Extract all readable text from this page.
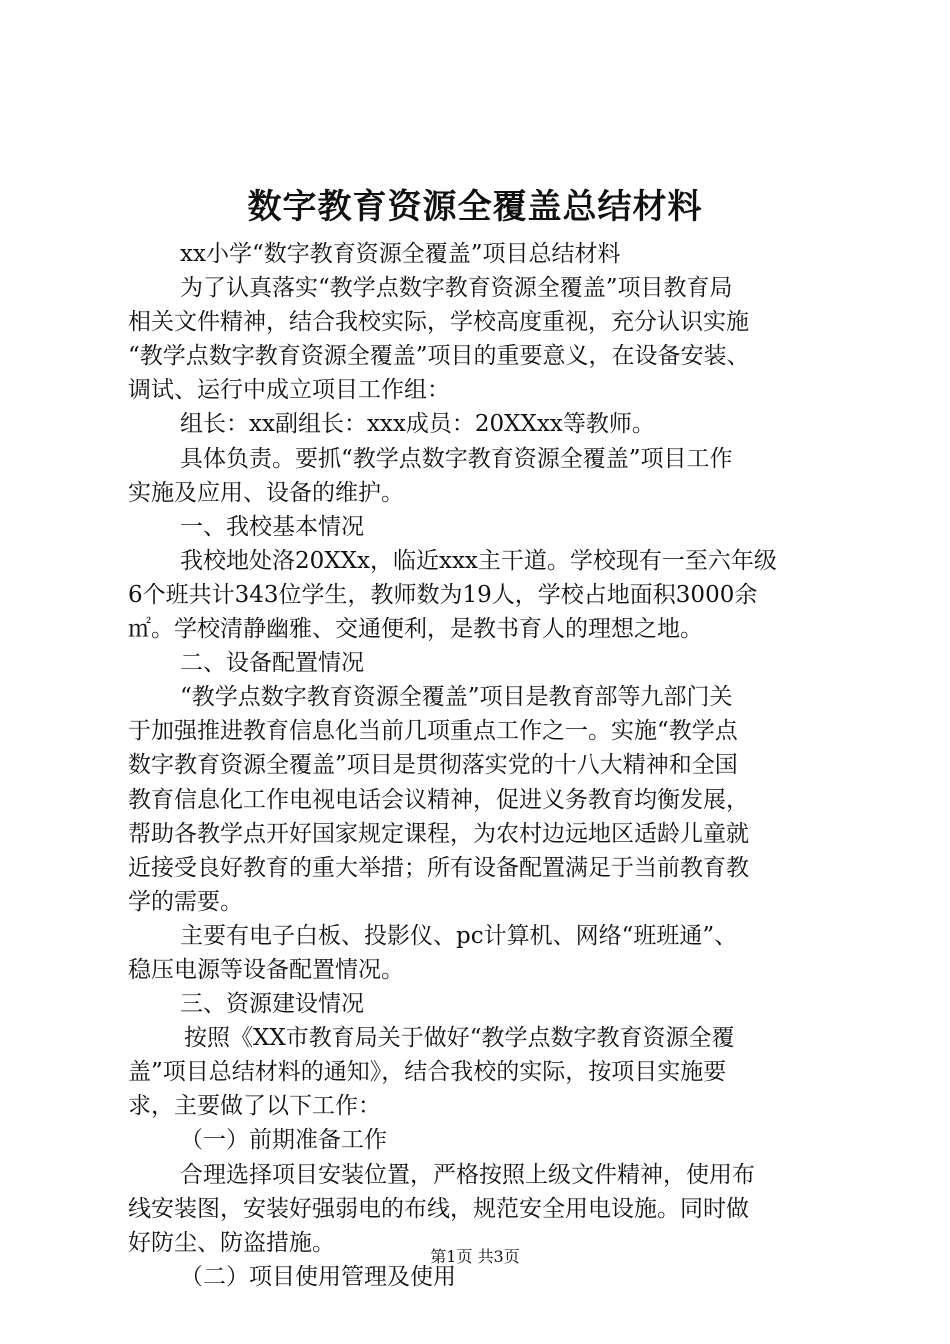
数字教育资源全覆盖总结材料
xx小学“数字教育资源全覆盖”项目总结材料
为了认真落实“教学点数字教育资源全覆盖”项目教育局
相关文件精神，结合我校实际，学校高度重视，充分认识实施
“教学点数字教育资源全覆盖”项目的重要意义，在设备安装、
调试、运行中成立项目工作组：
组长：xx副组长：xxx成员：20XXxx等教师。
具体负责。要抓“教学点数字教育资源全覆盖”项目工作
实施及应用、设备的维护。
一、我校基本情况
我校地处洛20XXx，临近xxx主干道。学校现有一至六年级
6个班共计343位学生，教师数为19人，学校占地面积3000余
㎡。学校清静幽雅、交通便利，是教书育人的理想之地。
二、设备配置情况
“教学点数字教育资源全覆盖”项目是教育部等九部门关
于加强推进教育信息化当前几项重点工作之一。实施“教学点
数字教育资源全覆盖”项目是贯彻落实党的十八大精神和全国
教育信息化工作电视电话会议精神，促进义务教育均衡发展，
帮助各教学点开好国家规定课程，为农村边远地区适龄儿童就
近接受良好教育的重大举措；所有设备配置满足于当前教育教
学的需要。
主要有电子白板、投影仪、pc计算机、网络“班班通”、
稳压电源等设备配置情况。
三、资源建设情况
按照《XX市教育局关于做好“教学点数字教育资源全覆
盖”项目总结材料的通知》，结合我校的实际，按项目实施要
求，主要做了以下工作：
（一）前期准备工作
合理选择项目安装位置，严格按照上级文件精神，使用布
线安装图，安装好强弱电的布线，规范安全用电设施。同时做
好防尘、防盗措施。
（二）项目使用管理及使用
第1页 共3页
